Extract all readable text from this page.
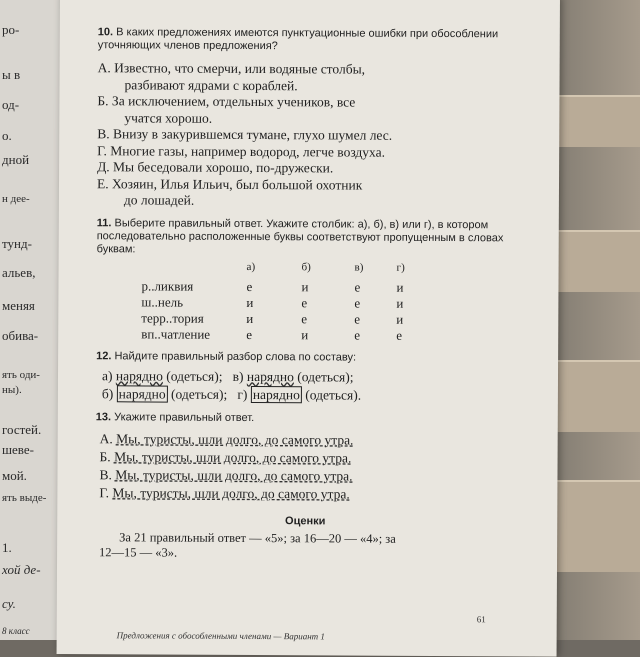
ро-
ы в
од-
о.
дной
н дее-
тунд-
альев,
меняя
обива-
ять оди-
ны).
гостей.
шеве-
мой.
ять выде-
1.
хой де-
су.
8 класс
10. В каких предложениях имеются пунктуационные ошибки при обособлении уточняющих членов предложения?
А. Известно, что смерчи, или водяные столбы,
разбивают ядрами с кораблей.
Б. За исключением, отдельных учеников, все
учатся хорошо.
В. Внизу в закурившемся тумане, глухо шумел лес.
Г. Многие газы, например водород, легче воздуха.
Д. Мы беседовали хорошо, по-дружески.
Е. Хозяин, Илья Ильич, был большой охотник
до лошадей.
11. Выберите правильный ответ. Укажите столбик: а), б), в) или г), в котором последовательно расположенные буквы соответствуют пропущенным в словах буквам:
а)	б)	в)	г)
р..ликвия	е	и	е	и
ш..нель	и	е	е	и
терр..тория	и	е	е	и
вп..чатление	е	и	е	е
12. Найдите правильный разбор слова по составу:
а) нарядно (одеться); в) нарядно (одеться);
б) нарядно (одеться); г) нарядно (одеться).
13. Укажите правильный ответ.
А. Мы, туристы, шли долго, до самого утра.
Б. Мы, туристы, шли долго, до самого утра.
В. Мы, туристы, шли долго, до самого утра.
Г. Мы, туристы, шли долго, до самого утра.
Оценки
За 21 правильный ответ — «5»; за 16—20 — «4»; за
12—15 — «3».
61
Предложения с обособленными членами — Вариант 1
